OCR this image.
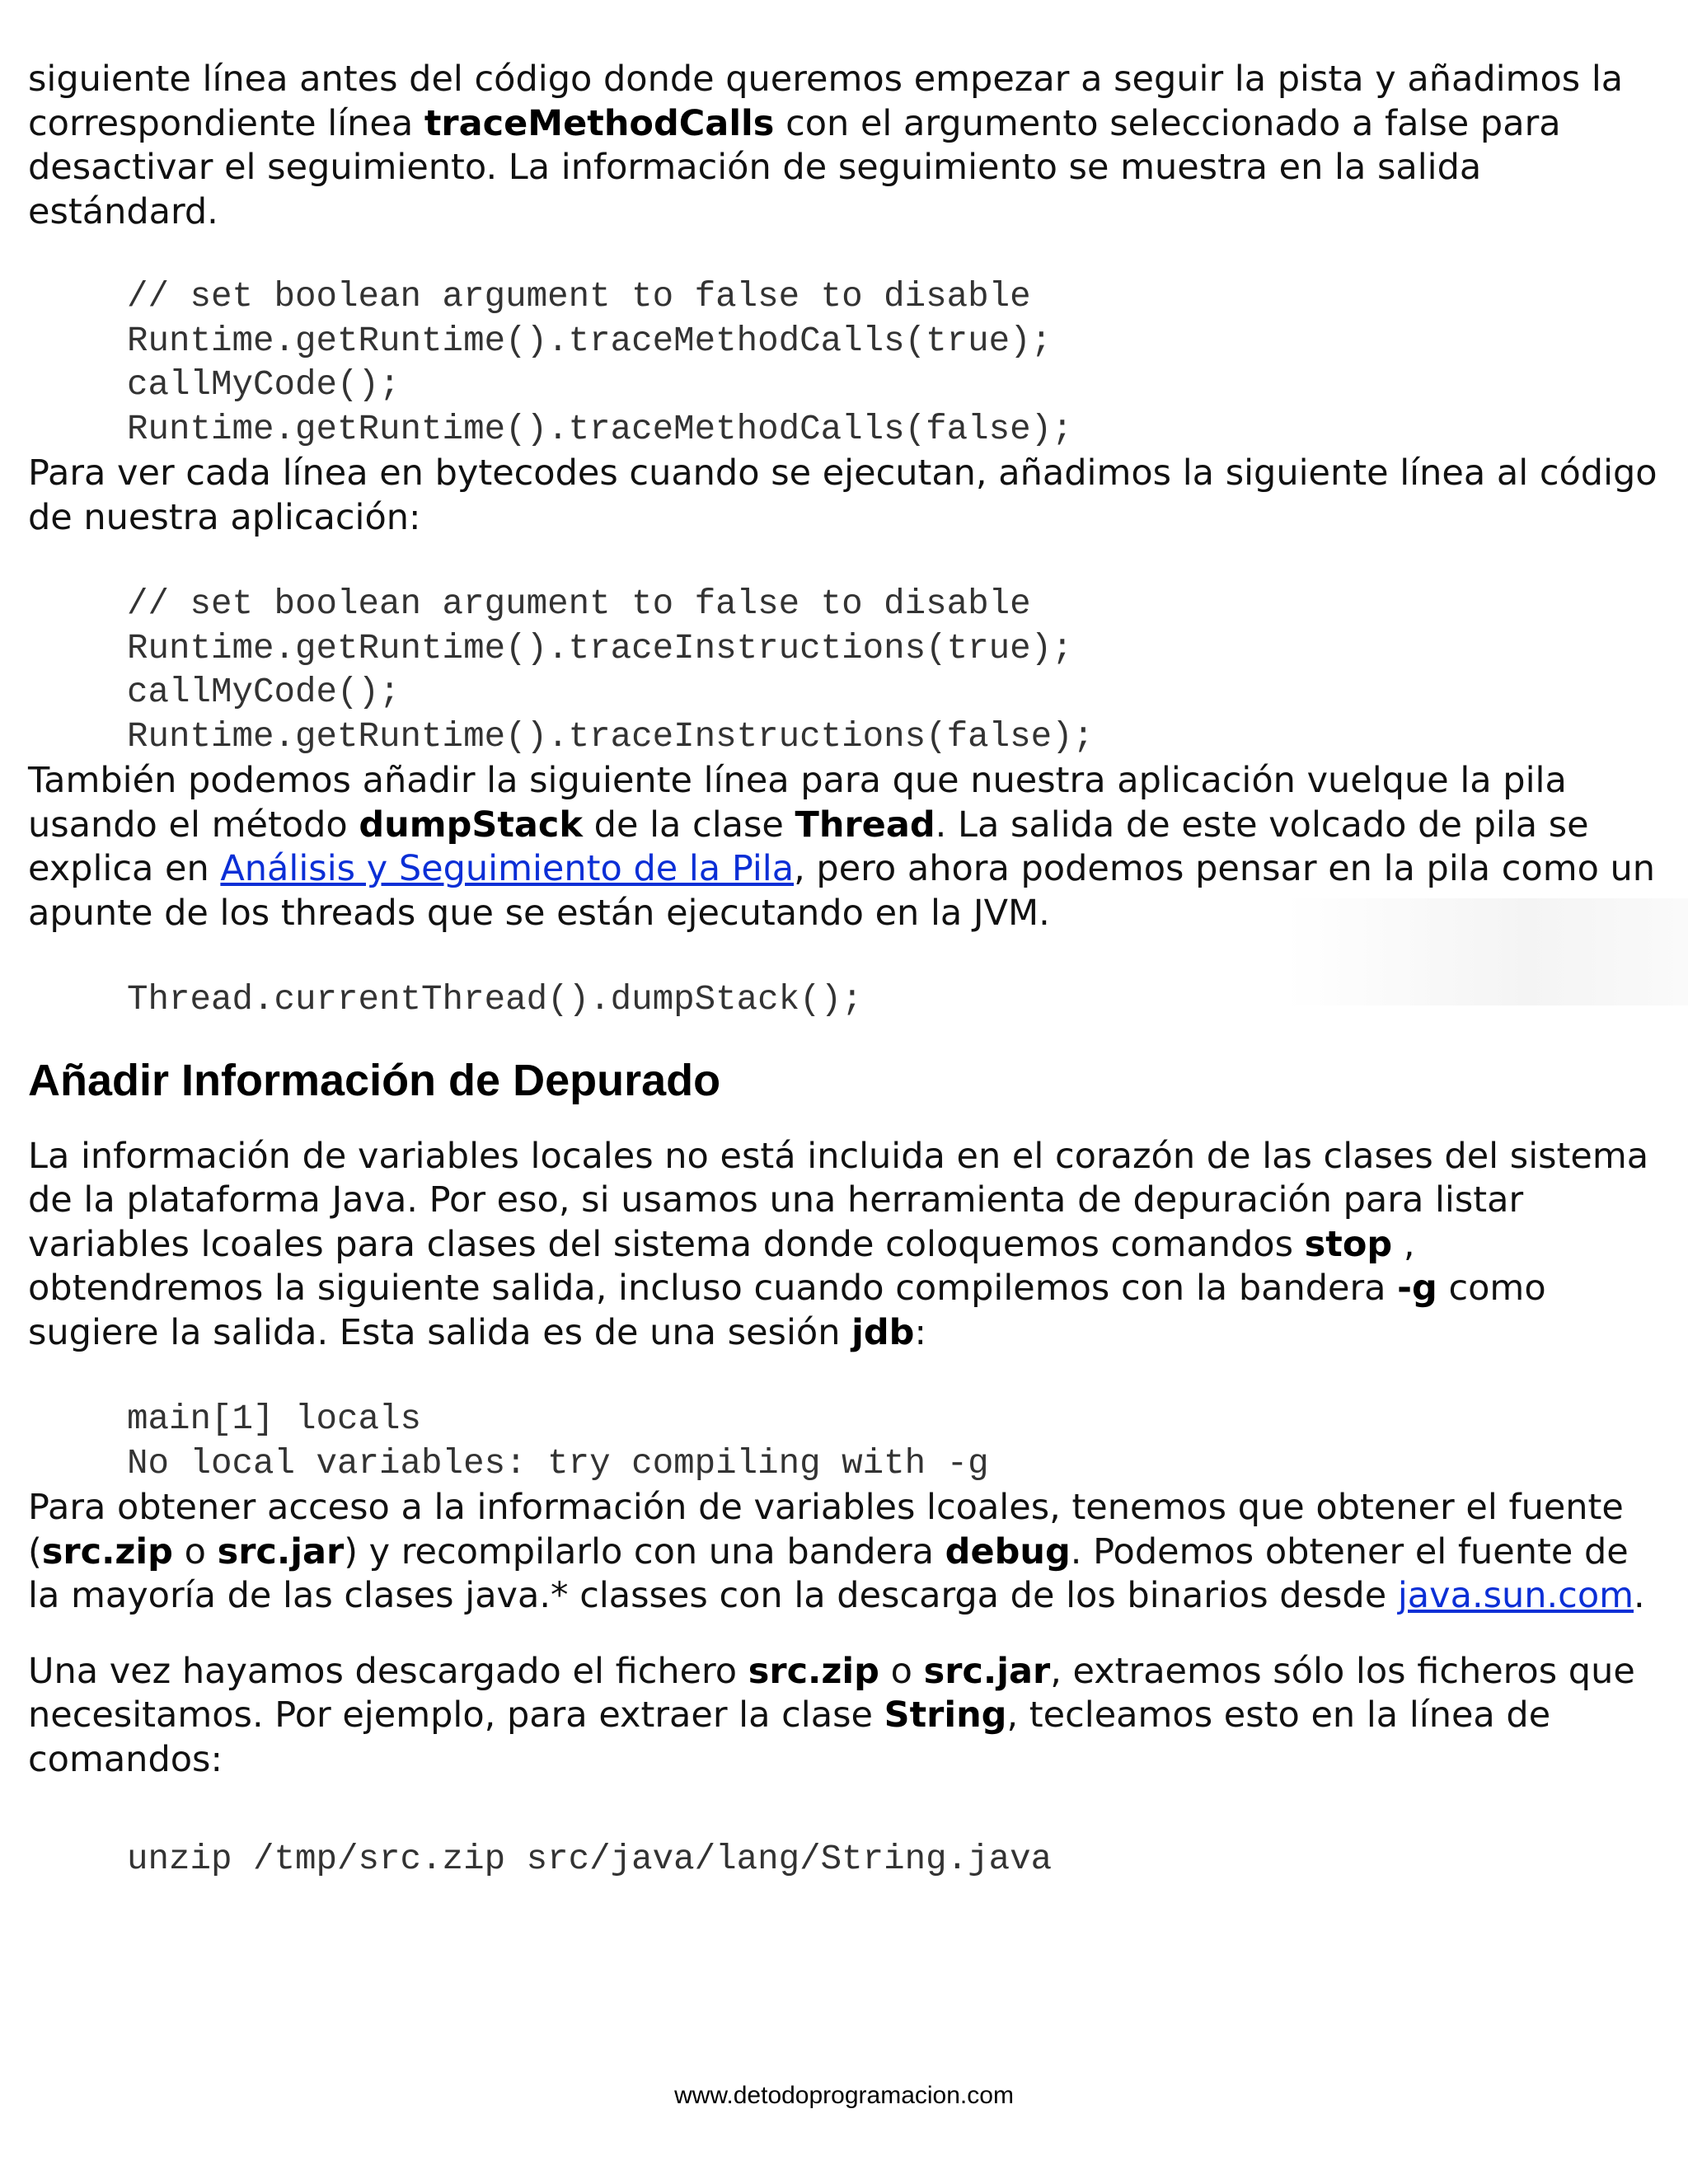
siguiente línea antes del código donde queremos empezar a seguir la pista y añadimos la correspondiente línea traceMethodCalls con el argumento seleccionado a false para desactivar el seguimiento. La información de seguimiento se muestra en la salida estándard.

// set boolean argument to false to disable
Runtime.getRuntime().traceMethodCalls(true);
callMyCode();
Runtime.getRuntime().traceMethodCalls(false);

Para ver cada línea en bytecodes cuando se ejecutan, añadimos la siguiente línea al código de nuestra aplicación:

// set boolean argument to false to disable
Runtime.getRuntime().traceInstructions(true);
callMyCode();
Runtime.getRuntime().traceInstructions(false);

También podemos añadir la siguiente línea para que nuestra aplicación vuelque la pila usando el método dumpStack de la clase Thread. La salida de este volcado de pila se explica en Análisis y Seguimiento de la Pila, pero ahora podemos pensar en la pila como un apunte de los threads que se están ejecutando en la JVM.

Thread.currentThread().dumpStack();
Añadir Información de Depurado

La información de variables locales no está incluida en el corazón de las clases del sistema de la plataforma Java. Por eso, si usamos una herramienta de depuración para listar variables lcoales para clases del sistema donde coloquemos comandos stop , obtendremos la siguiente salida, incluso cuando compilemos con la bandera -g como sugiere la salida. Esta salida es de una sesión jdb:

main[1] locals
No local variables: try compiling with -g

Para obtener acceso a la información de variables lcoales, tenemos que obtener el fuente (src.zip o src.jar) y recompilarlo con una bandera debug. Podemos obtener el fuente de la mayoría de las clases java.* classes con la descarga de los binarios desde java.sun.com.

Una vez hayamos descargado el fichero src.zip o src.jar, extraemos sólo los ficheros que necesitamos. Por ejemplo, para extraer la clase String, tecleamos esto en la línea de comandos:

unzip /tmp/src.zip src/java/lang/String.java
www.detodoprogramacion.com
